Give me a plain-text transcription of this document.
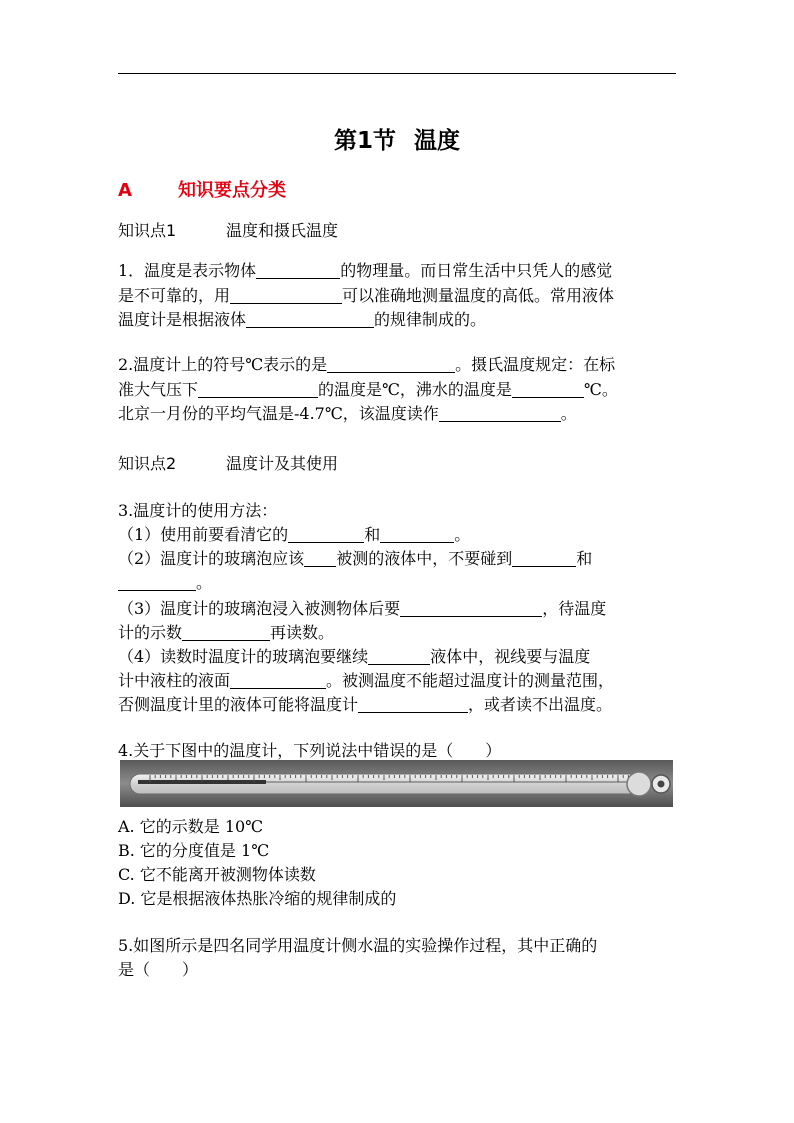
第1节 温度
A	知识要点分类
知识点1	温度和摄氏温度
1．温度是表示物体	的物理量。而日常生活中只凭人的感觉
是不可靠的，用	可以准确地测量温度的高低。常用液体
温度计是根据液体	的规律制成的。
2.温度计上的符号℃表示的是	。摄氏温度规定：在标
准大气压下	的温度是℃，沸水的温度是	℃。
北京一月份的平均气温是-4.7℃，该温度读作	。
知识点2	温度计及其使用
3.温度计的使用方法：
（1）使用前要看清它的	和	。
（2）温度计的玻璃泡应该 被测的液体中，不要碰到	和
。
（3）温度计的玻璃泡浸入被测物体后要	，待温度
计的示数	再读数。
（4）读数时温度计的玻璃泡要继续	液体中，视线要与温度
计中液柱的液面	。被测温度不能超过温度计的测量范围，
否侧温度计里的液体可能将温度计	，或者读不出温度。
4.关于下图中的温度计，下列说法中错误的是（　　）
A. 它的示数是 10℃
B. 它的分度值是 1℃
C. 它不能离开被测物体读数
D. 它是根据液体热胀冷缩的规律制成的
5.如图所示是四名同学用温度计侧水温的实验操作过程，其中正确的
是（　　）
